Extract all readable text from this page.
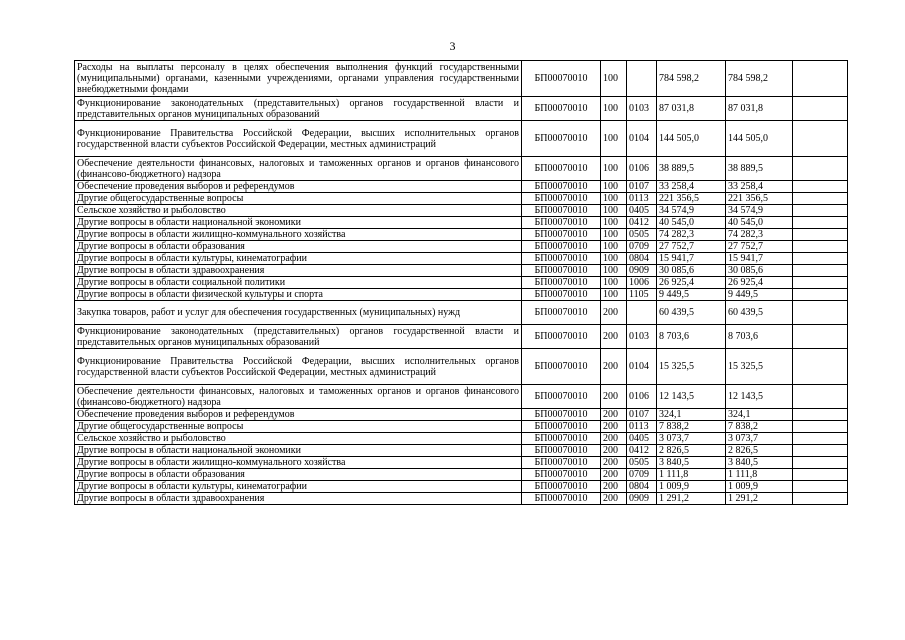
3
Расходы на выплаты персоналу в целях обеспечения выполнения функций государственными (муниципальными) органами, казенными учреждениями, органами управления государственными внебюджетными фондами	БП00070010	100		784 598,2	784 598,2	
Функционирование законодательных (представительных) органов государственной власти и представительных органов муниципальных образований	БП00070010	100	0103	87 031,8	87 031,8	
Функционирование Правительства Российской Федерации, высших исполнительных органов государственной власти субъектов Российской Федерации, местных администраций	БП00070010	100	0104	144 505,0	144 505,0	
Обеспечение деятельности финансовых, налоговых и таможенных органов и органов финансового (финансово-бюджетного) надзора	БП00070010	100	0106	38 889,5	38 889,5	
Обеспечение проведения выборов и референдумов	БП00070010	100	0107	33 258,4	33 258,4	
Другие общегосударственные вопросы	БП00070010	100	0113	221 356,5	221 356,5	
Сельское хозяйство и рыболовство	БП00070010	100	0405	34 574,9	34 574,9	
Другие вопросы в области национальной экономики	БП00070010	100	0412	40 545,0	40 545,0	
Другие вопросы в области жилищно-коммунального хозяйства	БП00070010	100	0505	74 282,3	74 282,3	
Другие вопросы в области образования	БП00070010	100	0709	27 752,7	27 752,7	
Другие вопросы в области культуры, кинематографии	БП00070010	100	0804	15 941,7	15 941,7	
Другие вопросы в области здравоохранения	БП00070010	100	0909	30 085,6	30 085,6	
Другие вопросы в области социальной политики	БП00070010	100	1006	26 925,4	26 925,4	
Другие вопросы в области физической культуры и спорта	БП00070010	100	1105	9 449,5	9 449,5	
Закупка товаров, работ и услуг для обеспечения государственных (муниципальных) нужд	БП00070010	200		60 439,5	60 439,5	
Функционирование законодательных (представительных) органов государственной власти и представительных органов муниципальных образований	БП00070010	200	0103	8 703,6	8 703,6	
Функционирование Правительства Российской Федерации, высших исполнительных органов государственной власти субъектов Российской Федерации, местных администраций	БП00070010	200	0104	15 325,5	15 325,5	
Обеспечение деятельности финансовых, налоговых и таможенных органов и органов финансового (финансово-бюджетного) надзора	БП00070010	200	0106	12 143,5	12 143,5	
Обеспечение проведения выборов и референдумов	БП00070010	200	0107	324,1	324,1	
Другие общегосударственные вопросы	БП00070010	200	0113	7 838,2	7 838,2	
Сельское хозяйство и рыболовство	БП00070010	200	0405	3 073,7	3 073,7	
Другие вопросы в области национальной экономики	БП00070010	200	0412	2 826,5	2 826,5	
Другие вопросы в области жилищно-коммунального хозяйства	БП00070010	200	0505	3 840,5	3 840,5	
Другие вопросы в области образования	БП00070010	200	0709	1 111,8	1 111,8	
Другие вопросы в области культуры, кинематографии	БП00070010	200	0804	1 009,9	1 009,9	
Другие вопросы в области здравоохранения	БП00070010	200	0909	1 291,2	1 291,2	
